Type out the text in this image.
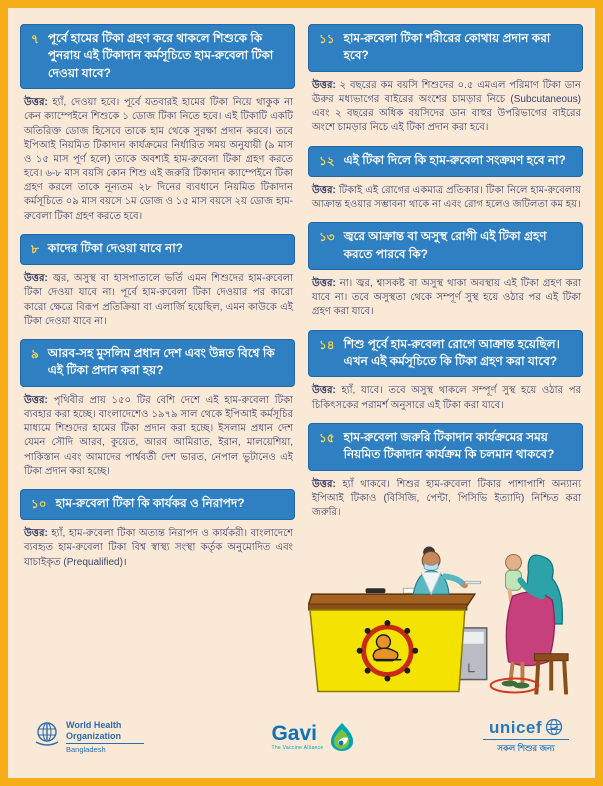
৭ পূর্বে হামের টিকা গ্রহণ করে থাকলে শিশুকে কি পুনরায় এই টিকাদান কর্মসূচিতে হাম-রুবেলা টিকা দেওয়া যাবে?

উত্তর: হ্যাঁ, দেওয়া হবে। পূর্বে যতবারই হামের টিকা নিয়ে থাকুক না কেন ক্যাম্পেইনে শিশুকে ১ ডোজ টিকা নিতে হবে। এই টিকাটি একটি অতিরিক্ত ডোজ হিসেবে তাকে হাম থেকে সুরক্ষা প্রদান করবে। তবে ইপিআই নিয়মিত টিকাদান কার্যক্রমের নির্ধারিত সময় অনুযায়ী (৯ মাস ও ১৫ মাস পূর্ণ হলে) তাকে অবশ্যই হাম-রুবেলা টিকা গ্রহণ করতে হবে। ৬-৮ মাস বয়সি কোন শিশু এই জরুরি টিকাদান ক্যাম্পেইনে টিকা গ্রহণ করলে তাকে নূন্যতম ২৮ দিনের ব্যবধানে নিয়মিত টিকাদান কর্মসূচিতে ০৯ মাস বয়সে ১ম ডোজ ও ১৫ মাস বয়সে ২য় ডোজ হাম-রুবেলা টিকা গ্রহণ করতে হবে।

৮ কাদের টিকা দেওয়া যাবে না?

উত্তর: জ্বর, অসুস্থ বা হাসপাতালে ভর্তি এমন শিশুদের হাম-রুবেলা টিকা দেওয়া যাবে না। পূর্বে হাম-রুবেলা টিকা দেওয়ার পর কারো কারো ক্ষেত্রে বিরূপ প্রতিক্রিয়া বা এলার্জি হয়েছিল, এমন কাউকে এই টিকা দেওয়া যাবে না।

৯ আরব-সহ মুসলিম প্রধান দেশ এবং উন্নত বিশ্বে কি এই টিকা প্রদান করা হয়?

উত্তর: পৃথিবীর প্রায় ১৫০ টির বেশি দেশে এই হাম-রুবেলা টিকা ব্যবহার করা হচ্ছে। বাংলাদেশেও ১৯৭৯ সাল থেকে ইপিআই কর্মসূচির মাধ্যমে শিশুদের হামের টিকা প্রদান করা হচ্ছে। ইসলাম প্রধান দেশ যেমন সৌদি আরব, কুয়েত, আরব আমিরাত, ইরান, মালয়েশিয়া, পাকিস্তান এবং আমাদের পার্শ্ববর্তী দেশ ভারত, নেপাল ভুটানেও এই টিকা প্রদান করা হচ্ছে।

১০ হাম-রুবেলা টিকা কি কার্যকর ও নিরাপদ?

উত্তর: হ্যাঁ, হাম-রুবেলা টিকা অত্যন্ত নিরাপদ ও কার্যকরী। বাংলাদেশে ব্যবহৃত হাম-রুবেলা টিকা বিশ্ব স্বাস্থ্য সংস্থা কর্তৃক অনুমোদিত এবং যাচাইকৃত (Prequalified)।

১১ হাম-রুবেলা টিকা শরীরের কোথায় প্রদান করা হবে?

উত্তর: ২ বছরের কম বয়সি শিশুদের ০.৫ এমএল পরিমাণ টিকা ডান ঊরুর মধ্যভাগের বাইরের অংশের চামড়ার নিচে (Subcutaneous) এবং ২ বছরের অধিক বয়সিদের ডান বাহুর উপরিভাগের বাইরের অংশে চামড়ার নিচে এই টিকা প্রদান করা হবে।

১২ এই টিকা দিলে কি হাম-রুবেলা সংক্রমণ হবে না?

উত্তর: টিকাই এই রোগের একমাত্র প্রতিকার। টিকা নিলে হাম-রুবেলায় আক্রান্ত হওয়ার সম্ভাবনা থাকে না এবং রোগ হলেও জটিলতা কম হয়।

১৩ জ্বরে আক্রান্ত বা অসুস্থ রোগী এই টিকা গ্রহণ করতে পারবে কি?

উত্তর: না। জ্বর, শ্বাসকষ্ট বা অসুস্থ থাকা অবস্থায় এই টিকা গ্রহণ করা যাবে না। তবে অসুস্থতা থেকে সম্পূর্ণ সুস্থ হয়ে ওঠার পর এই টিকা গ্রহণ করা যাবে।

১৪ শিশু পূর্বে হাম-রুবেলা রোগে আক্রান্ত হয়েছিল। এখন এই কর্মসূচিতে কি টিকা গ্রহণ করা যাবে?

উত্তর: হ্যাঁ, যাবে। তবে অসুস্থ থাকলে সম্পূর্ণ সুস্থ হয়ে ওঠার পর চিকিৎসকের পরামর্শ অনুসারে এই টিকা করা যাবে।

১৫ হাম-রুবেলা জরুরি টিকাদান কার্যক্রমের সময় নিয়মিত টিকাদান কার্যক্রম কি চলমান থাকবে?

উত্তর: হ্যাঁ থাকবে। শিশুর হাম-রুবেলা টিকার পাশাপাশি অন্যান্য ইপিআই টিকাও (বিসিজি, পেন্টা, পিসিভি ইত্যাদি) নিশ্চিত করা জরুরি।

World Health
Organization
Bangladesh
Gavi
The Vaccine Alliance
unicef
সকল শিশুর জন্য
